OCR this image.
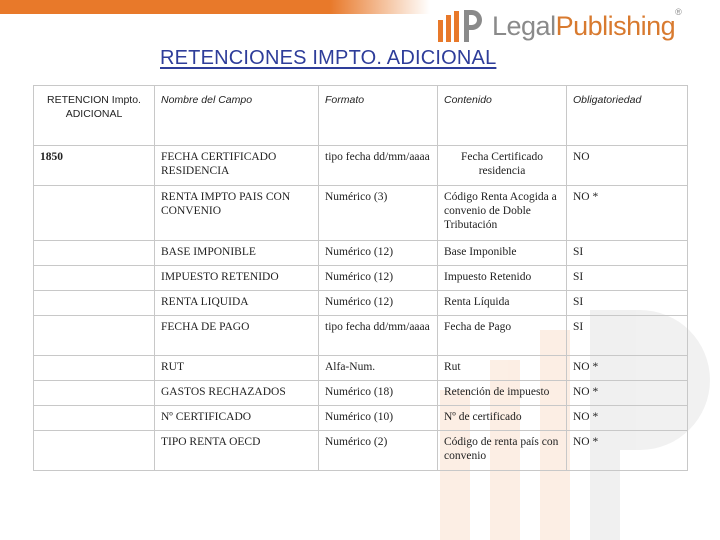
LegalPublishing®
RETENCIONES IMPTO. ADICIONAL
RETENCION Impto. ADICIONAL	Nombre del Campo	Formato	Contenido	Obligatoriedad
1850	FECHA CERTIFICADO RESIDENCIA	tipo fecha dd/mm/aaaa	Fecha Certificado residencia	NO
	RENTA IMPTO PAIS CON CONVENIO	Numérico (3)	Código Renta Acogida a convenio de Doble Tributación	NO *
	BASE IMPONIBLE	Numérico (12)	Base Imponible	SI
	IMPUESTO RETENIDO	Numérico (12)	Impuesto Retenido	SI
	RENTA LIQUIDA	Numérico (12)	Renta Líquida	SI
	FECHA DE PAGO	tipo fecha dd/mm/aaaa	Fecha de Pago	SI
	RUT	Alfa-Num.	Rut	NO *
	GASTOS RECHAZADOS	Numérico (18)	Retención de impuesto	NO *
	Nº CERTIFICADO	Numérico (10)	Nº de certificado	NO *
	TIPO RENTA OECD	Numérico (2)	Código de renta país con convenio	NO *
